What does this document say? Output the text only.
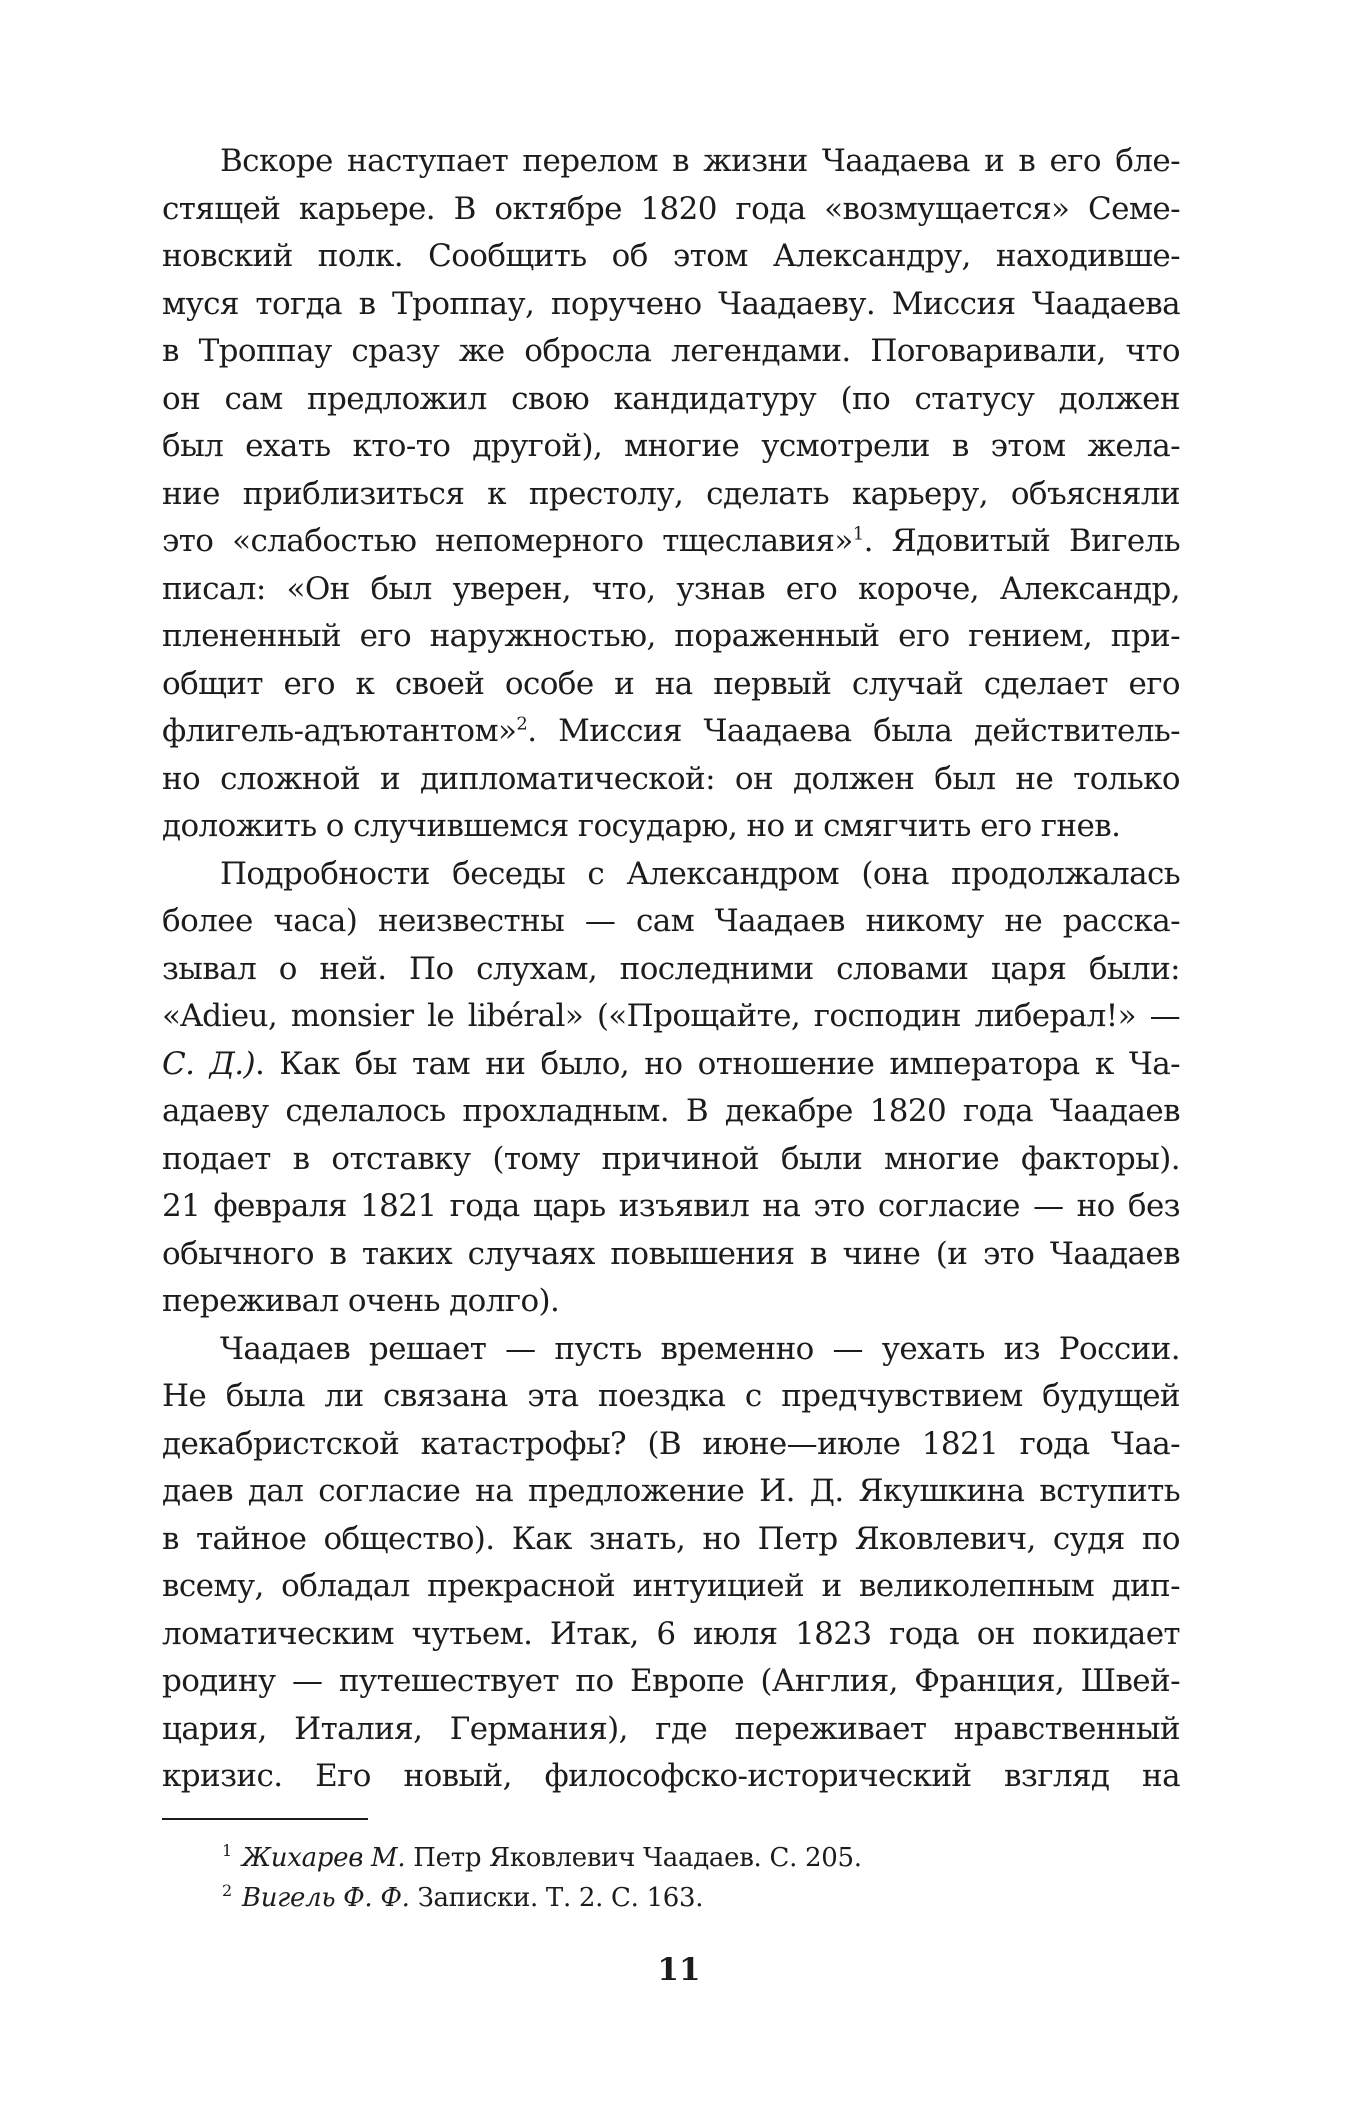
Вскоре наступает перелом в жизни Чаадаева и в его бле-
стящей карьере. В октябре 1820 года «возмущается» Семе-
новский полк. Сообщить об этом Александру, находивше-
муся тогда в Троппау, поручено Чаадаеву. Миссия Чаадаева
в Троппау сразу же обросла легендами. Поговаривали, что
он сам предложил свою кандидатуру (по статусу должен
был ехать кто-то другой), многие усмотрели в этом жела-
ние приблизиться к престолу, сделать карьеру, объясняли
это «слабостью непомерного тщеславия»$^1$. Ядовитый Вигель
писал: «Он был уверен, что, узнав его короче, Александр,
плененный его наружностью, пораженный его гением, при-
общит его к своей особе и на первый случай сделает его
флигель-адъютантом»$^2$. Миссия Чаадаева была действитель-
но сложной и дипломатической: он должен был не только
доложить о случившемся государю, но и смягчить его гнев.
Подробности беседы с Александром (она продолжалась
более часа) неизвестны — сам Чаадаев никому не расска-
зывал о ней. По слухам, последними словами царя были:
«Adieu, monsier le libéral» («Прощайте, господин либерал!» —
С. Д.). Как бы там ни было, но отношение императора к Ча-
адаеву сделалось прохладным. В декабре 1820 года Чаадаев
подает в отставку (тому причиной были многие факторы).
21 февраля 1821 года царь изъявил на это согласие — но без
обычного в таких случаях повышения в чине (и это Чаадаев
переживал очень долго).
Чаадаев решает — пусть временно — уехать из России.
Не была ли связана эта поездка с предчувствием будущей
декабристской катастрофы? (В июне—июле 1821 года Чаа-
даев дал согласие на предложение И. Д. Якушкина вступить
в тайное общество). Как знать, но Петр Яковлевич, судя по
всему, обладал прекрасной интуицией и великолепным дип-
ломатическим чутьем. Итак, 6 июля 1823 года он покидает
родину — путешествует по Европе (Англия, Франция, Швей-
цария, Италия, Германия), где переживает нравственный
кризис. Его новый, философско-исторический взгляд на
$^1$ Жихарев М. Петр Яковлевич Чаадаев. С. 205.
$^2$ Вигель Ф. Ф. Записки. Т. 2. С. 163.
11
